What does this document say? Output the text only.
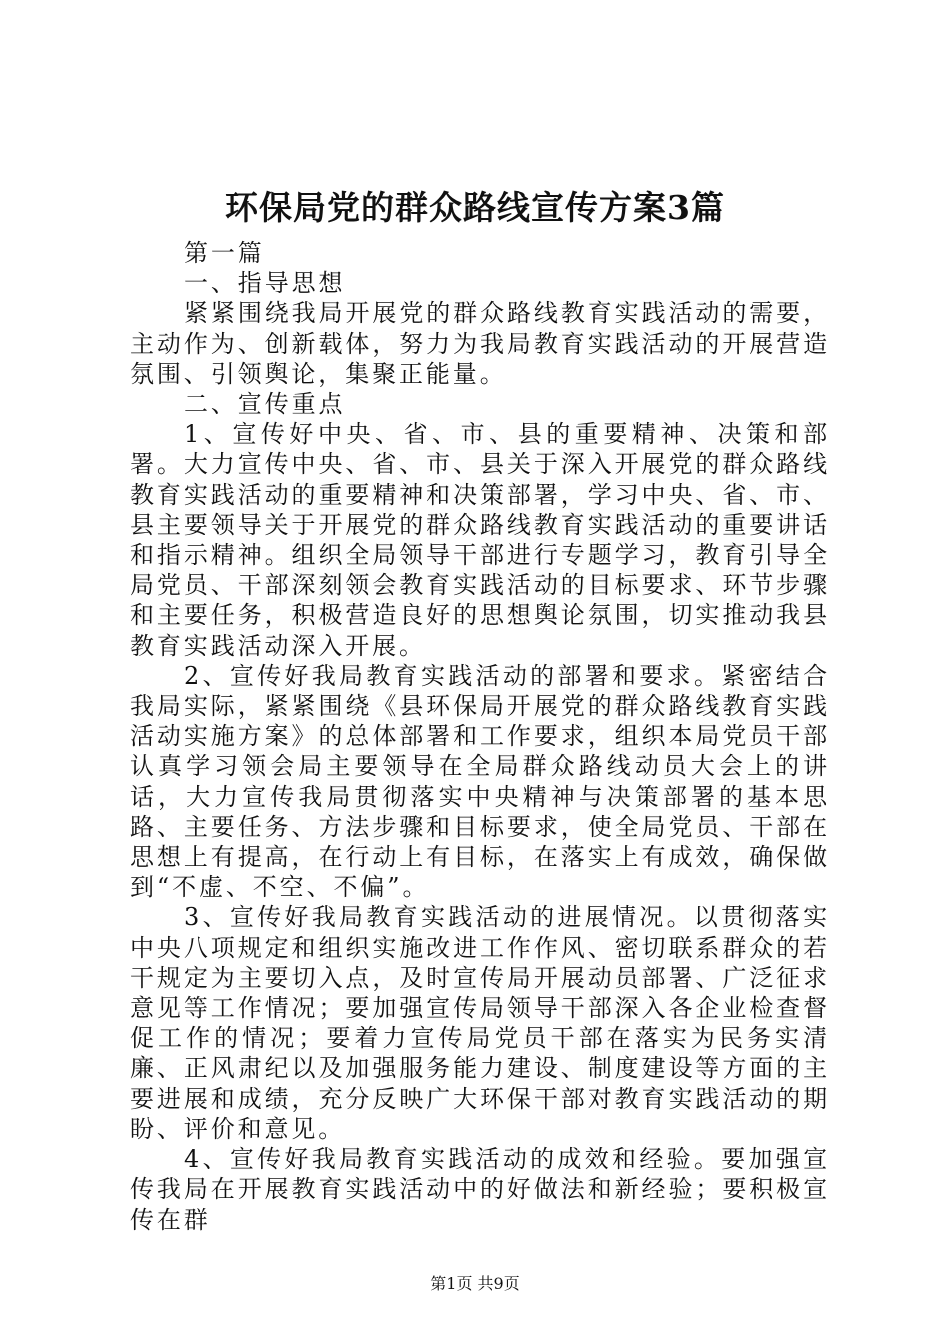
环保局党的群众路线宣传方案3篇

第一篇

一、指导思想

紧紧围绕我局开展党的群众路线教育实践活动的需要，主动作为、创新载体，努力为我局教育实践活动的开展营造氛围、引领舆论，集聚正能量。

二、宣传重点

1、宣传好中央、省、市、县的重要精神、决策和部署。大力宣传中央、省、市、县关于深入开展党的群众路线教育实践活动的重要精神和决策部署，学习中央、省、市、县主要领导关于开展党的群众路线教育实践活动的重要讲话和指示精神。组织全局领导干部进行专题学习，教育引导全局党员、干部深刻领会教育实践活动的目标要求、环节步骤和主要任务，积极营造良好的思想舆论氛围，切实推动我县教育实践活动深入开展。

2、宣传好我局教育实践活动的部署和要求。紧密结合我局实际，紧紧围绕《县环保局开展党的群众路线教育实践活动实施方案》的总体部署和工作要求，组织本局党员干部认真学习领会局主要领导在全局群众路线动员大会上的讲话，大力宣传我局贯彻落实中央精神与决策部署的基本思路、主要任务、方法步骤和目标要求，使全局党员、干部在思想上有提高，在行动上有目标，在落实上有成效，确保做到“不虚、不空、不偏”。

3、宣传好我局教育实践活动的进展情况。以贯彻落实中央八项规定和组织实施改进工作作风、密切联系群众的若干规定为主要切入点，及时宣传局开展动员部署、广泛征求意见等工作情况；要加强宣传局领导干部深入各企业检查督促工作的情况；要着力宣传局党员干部在落实为民务实清廉、正风肃纪以及加强服务能力建设、制度建设等方面的主要进展和成绩，充分反映广大环保干部对教育实践活动的期盼、评价和意见。

4、宣传好我局教育实践活动的成效和经验。要加强宣传我局在开展教育实践活动中的好做法和新经验；要积极宣传在群

第1页 共9页
